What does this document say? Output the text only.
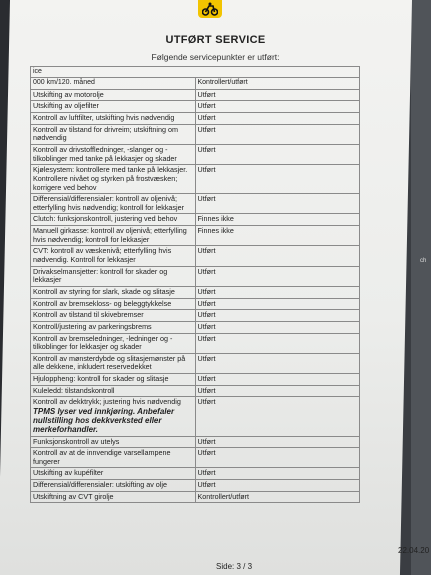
UTFØRT SERVICE
Følgende servicepunkter er utført:
ice	
000 km/120. måned	Kontrollert/utført
Utskifting av motorolje	Utført
Utskifting av oljefilter	Utført
Kontroll av luftfilter, utskifting hvis nødvendig	Utført
Kontroll av tilstand for drivreim; utskiftning om nødvendig	Utført
Kontroll av drivstoffledninger, -slanger og -tilkoblinger med tanke på lekkasjer og skader	Utført
Kjølesystem: kontrollere med tanke på lekkasjer. Kontrollere nivået og styrken på frostvæsken; korrigere ved behov	Utført
Differensial/differensialer: kontroll av oljenivå; etterfylling hvis nødvendig; kontroll for lekkasjer	Utført
Clutch: funksjonskontroll, justering ved behov	Finnes ikke
Manuell girkasse: kontroll av oljenivå; etterfylling hvis nødvendig; kontroll for lekkasjer	Finnes ikke
CVT: kontroll av væskenivå; etterfylling hvis nødvendig. Kontroll for lekkasjer	Utført
Drivakselmansjetter: kontroll for skader og lekkasjer	Utført
Kontroll av styring for slark, skade og slitasje	Utført
Kontroll av bremsekloss- og beleggtykkelse	Utført
Kontroll av tilstand til skivebremser	Utført
Kontroll/justering av parkeringsbrems	Utført
Kontroll av bremseledninger, -ledninger og -tilkoblinger for lekkasjer og skader	Utført
Kontroll av mønsterdybde og slitasjemønster på alle dekkene, inkludert reservedekket	Utført
Hjuloppheng: kontroll for skader og slitasje	Utført
Kuleledd: tilstandskontroll	Utført
Kontroll av dekktrykk; justering hvis nødvendig
TPMS lyser ved innkjøring. Anbefaler nullstilling hos dekkverksted eller merkeforhandler.	Utført
Funksjonskontroll av utelys	Utført
Kontroll av at de innvendige varsellampene fungerer	Utført
Utskifting av kupéfilter	Utført
Differensial/differensialer: utskifting av olje	Utført
Utskiftning av CVT girolje	Kontrollert/utført
22.04.20
Side: 3 / 3
ch
